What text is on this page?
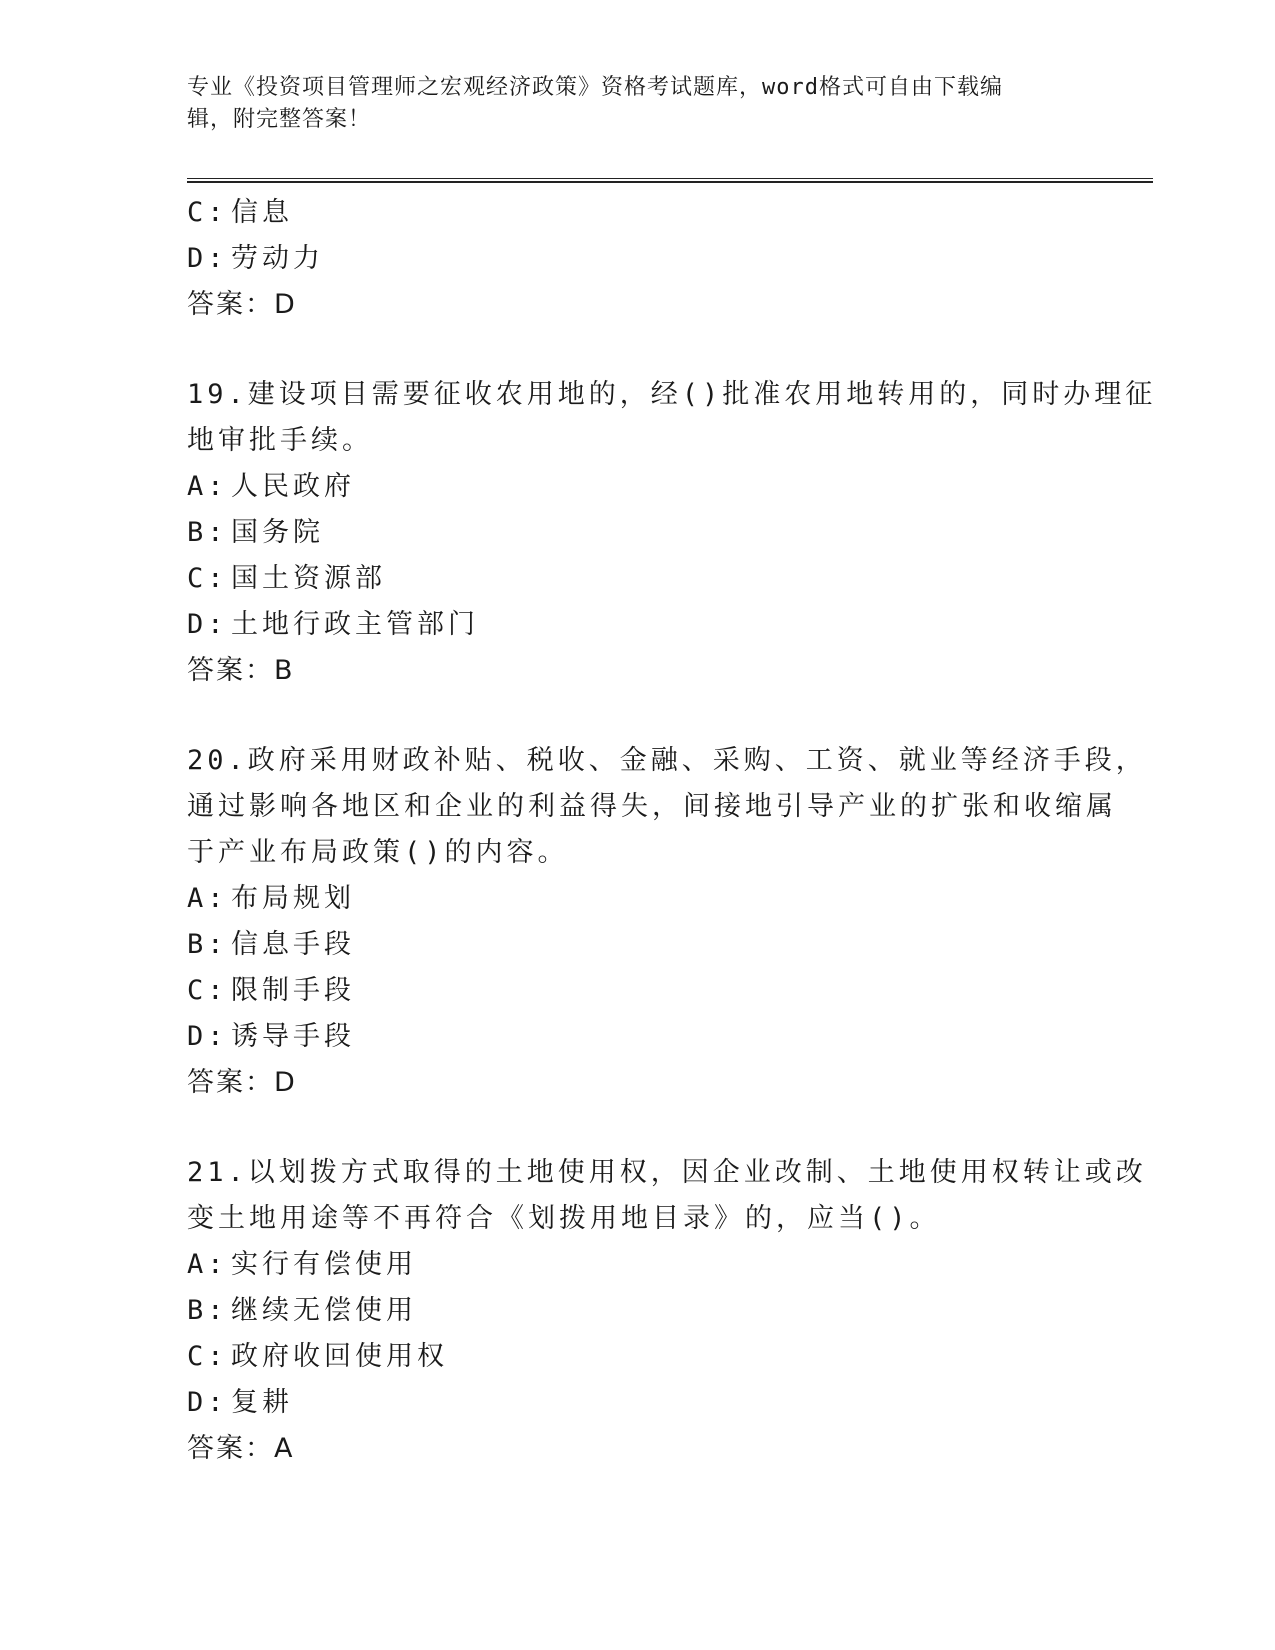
专业《投资项目管理师之宏观经济政策》资格考试题库，word格式可自由下载编
辑，附完整答案！
C: 信息
D: 劳动力
答案：D
19.建设项目需要征收农用地的，经()批准农用地转用的，同时办理征
地审批手续。
A: 人民政府
B: 国务院
C: 国土资源部
D: 土地行政主管部门
答案：B
20.政府采用财政补贴、税收、金融、采购、工资、就业等经济手段，
通过影响各地区和企业的利益得失，间接地引导产业的扩张和收缩属
于产业布局政策()的内容。
A: 布局规划
B: 信息手段
C: 限制手段
D: 诱导手段
答案：D
21.以划拨方式取得的土地使用权，因企业改制、土地使用权转让或改
变土地用途等不再符合《划拨用地目录》的，应当()。
A: 实行有偿使用
B: 继续无偿使用
C: 政府收回使用权
D: 复耕
答案：A
